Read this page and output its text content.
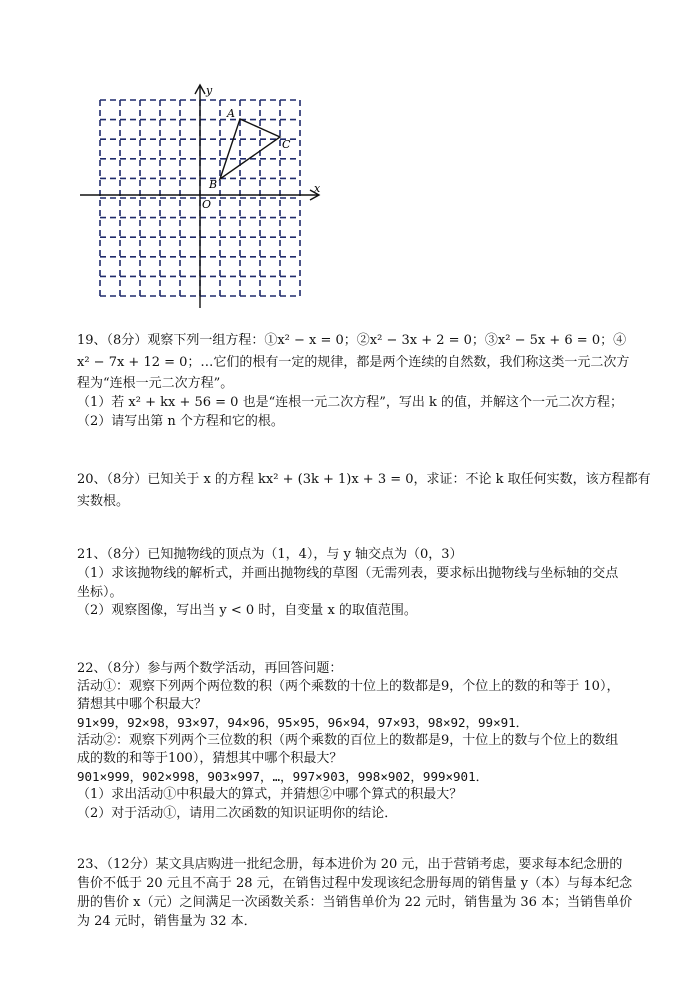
y
x
O
A
B
C
19、（8分）观察下列一组方程：①x² − x = 0；②x² − 3x + 2 = 0；③x² − 5x + 6 = 0；④
x² − 7x + 12 = 0；…它们的根有一定的规律，都是两个连续的自然数，我们称这类一元二次方
程为“连根一元二次方程”。
（1）若 x² + kx + 56 = 0 也是“连根一元二次方程”，写出 k 的值，并解这个一元二次方程；
（2）请写出第 n 个方程和它的根。
20、（8分）已知关于 x 的方程 kx² + (3k + 1)x + 3 = 0，求证：不论 k 取任何实数，该方程都有
实数根。
21、（8分）已知抛物线的顶点为（1，4），与 y 轴交点为（0，3）
（1）求该抛物线的解析式，并画出抛物线的草图（无需列表，要求标出抛物线与坐标轴的交点
坐标）。
（2）观察图像，写出当 y < 0 时，自变量 x 的取值范围。
22、（8分）参与两个数学活动，再回答问题：
活动①：观察下列两个两位数的积（两个乘数的十位上的数都是9，个位上的数的和等于 10），
猜想其中哪个积最大？
91×99，92×98，93×97，94×96，95×95，96×94，97×93，98×92，99×91．
活动②：观察下列两个三位数的积（两个乘数的百位上的数都是9，十位上的数与个位上的数组
成的数的和等于100），猜想其中哪个积最大？
901×999，902×998，903×997，…，997×903，998×902，999×901．
（1）求出活动①中积最大的算式，并猜想②中哪个算式的积最大？
（2）对于活动①，请用二次函数的知识证明你的结论．
23、（12分）某文具店购进一批纪念册，每本进价为 20 元，出于营销考虑，要求每本纪念册的
售价不低于 20 元且不高于 28 元，在销售过程中发现该纪念册每周的销售量 y（本）与每本纪念
册的售价 x（元）之间满足一次函数关系：当销售单价为 22 元时，销售量为 36 本；当销售单价
为 24 元时，销售量为 32 本．
